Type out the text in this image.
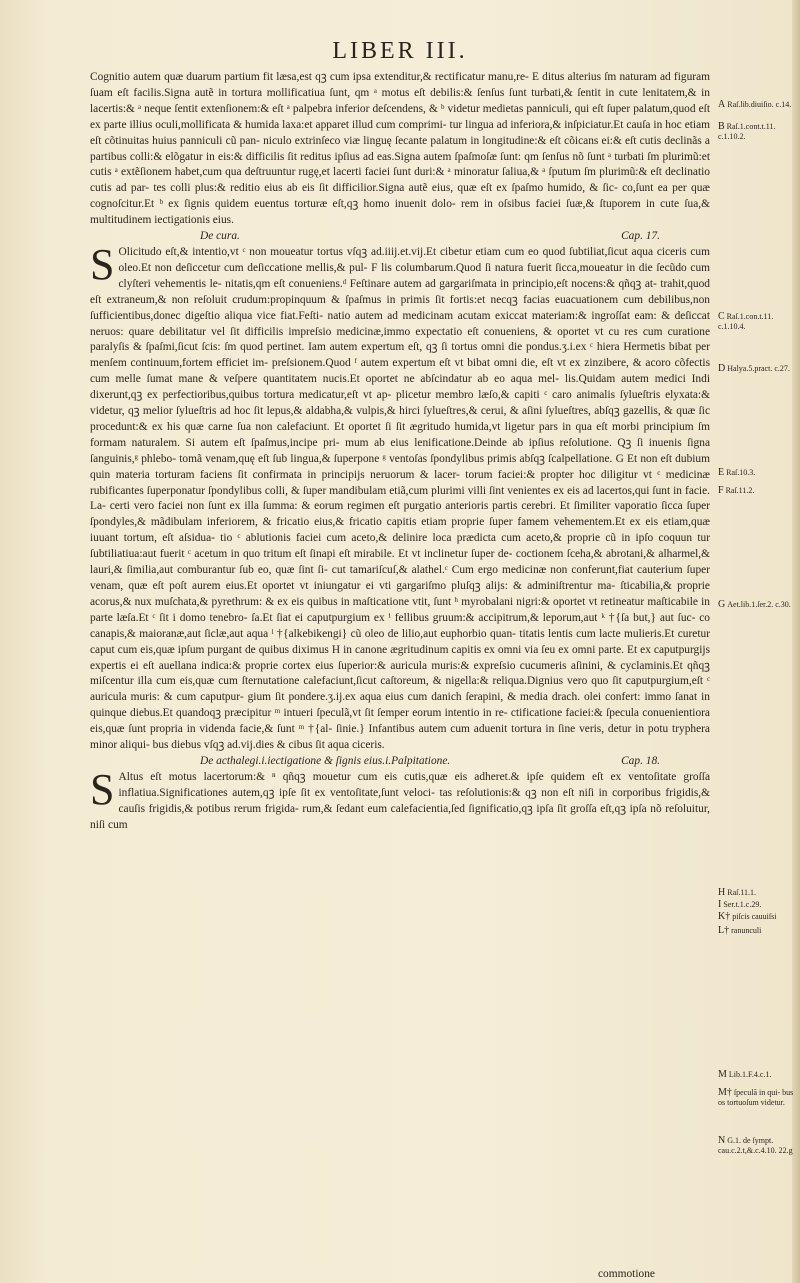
LIBER III.

Cognitio autem quæ duarum partium fit læsa,est qꝫ cum ipsa extenditur,& rectificatur manu,re- E ditus alterius ſm naturam ad figuram ſuam eſt facilis.Signa autẽ in tortura mollificatiua ſunt, qm ᵃ motus eſt debilis:& ſenſus ſunt turbati,& ſentit in cute lenitatem,& in lacertis:& ᵃ neque ſentit extenſionem:& eſt ᵃ palpebra inferior deſcendens, & ᵇ videtur medietas panniculi, qui eſt ſuper palatum,quod eſt ex parte illius oculi,mollificata & humida laxa:et apparet illud cum comprimi- tur lingua ad inferiora,& inſpiciatur.Et cauſa in hoc etiam eſt cõtinuitas huius panniculi cũ pan- niculo extrinſeco viæ linguę ſecante palatum in longitudine:& eſt cõicans ei:& eſt cutis declinãs a partibus colli:& elõgatur in eis:& difficilis ſit reditus ipſius ad eas.Signa autem ſpaſmoſæ ſunt: qm ſenſus nõ ſunt ᵃ turbati ſm plurimũ:et cutis ᵃ extẽſionem habet,cum qua deſtruuntur rugę,et lacerti faciei ſunt duri:& ᵃ minoratur ſaliua,& ᵃ ſputum ſm plurimũ:& eſt declinatio cutis ad par- tes colli plus:& reditio eius ab eis ſit difficilior.Signa autẽ eius, quæ eſt ex ſpaſmo humido, & ſic- co,ſunt ea per quæ cognoſcitur.Et ᵇ ex ſignis quidem euentus torturæ eſt,qꝫ homo inuenit dolo- rem in oſsibus faciei ſuæ,& ſtuporem in cute ſua,& multitudinem iectigationis eius.

De cura.	Cap. 17.

S Olicitudo eſt,& intentio,vt ᶜ non moueatur tortus vſqꝫ ad.iiij.et.vij.Et cibetur etiam cum eo quod ſubtiliat,ſicut aqua ciceris cum oleo.Et non deſiccetur cum deſiccatione mellis,& pul- F lis columbarum.Quod ſi natura fuerit ſicca,moueatur in die ſecũdo cum clyſteri vehementis le- nitatis,qm eſt conueniens.ᵈ Feſtinare autem ad gargariſmata in principio,eſt nocens:& qñqꝫ at- trahit,quod eſt extraneum,& non reſoluit crudum:propinquum & ſpaſmus in primis ſit fortis:et necqꝫ facias euacuationem cum debilibus,non ſufficientibus,donec digeſtio aliqua vice fiat.Feſti- natio autem ad medicinam acutam exiccat materiam:& ingroſſat eam: & deſiccat neruos: quare debilitatur vel ſit difficilis impreſsio medicinæ,immo expectatio eſt conueniens, & oportet vt cu res cum curatione paralyſis & ſpaſmi,ſicut ſcis: ſm quod pertinet. Iam autem expertum eſt, qꝫ ſi tortus omni die pondus.ʒ.i.ex ᶜ hiera Hermetis bibat per menſem continuum,fortem efficiet im- preſsionem.Quod ᶠ autem expertum eſt vt bibat omni die, eſt vt ex zinzibere, & acoro cõfectis cum melle ſumat mane & veſpere quantitatem nucis.Et oportet ne abſcindatur ab eo aqua mel- lis.Quidam autem medici Indi dixerunt,qꝫ ex perfectioribus,quibus tortura medicatur,eſt vt ap- plicetur membro læſo,& capiti ᶜ caro animalis ſylueſtris elyxata:& videtur, qꝫ melior ſylueſtris ad hoc ſit lepus,& aldabha,& vulpis,& hirci ſylueſtres,& cerui, & aſini ſylueſtres, abſqꝫ gazellis, & quæ ſic procedunt:& ex his quæ carne ſua non calefaciunt. Et oportet ſi ſit ægritudo humida,vt ligetur pars in qua eſt morbi principium ſm formam naturalem. Si autem eſt ſpaſmus,incipe pri- mum ab eius lenificatione.Deinde ab ipſius reſolutione. Qꝫ ſi inuenis ſigna ſanguinis,ᵍ phlebo- tomã venam,quę eſt ſub lingua,& ſuperpone ᵍ ventoſas ſpondylibus primis abſqꝫ ſcalpellatione. G Et non eſt dubium quin materia torturam faciens ſit confirmata in principijs neruorum & lacer- torum faciei:& propter hoc diligitur vt ᶜ medicinæ rubificantes ſuperponatur ſpondylibus colli, & ſuper mandibulam etiã,cum plurimi villi ſint venientes ex eis ad lacertos,qui ſunt in facie. La- certi vero faciei non ſunt ex illa ſumma: & eorum regimen eſt purgatio anterioris partis cerebri. Et ſimiliter vaporatio ſicca ſuper ſpondyles,& mãdibulam inferiorem, & fricatio eius,& fricatio capitis etiam proprie ſuper famem vehementem.Et ex eis etiam,quæ iuuant tortum, eſt aſsidua- tio ᶜ ablutionis faciei cum aceto,& delinire loca prædicta cum aceto,& proprie cũ in ipſo coquun tur ſubtiliatiua:aut fuerit ᶜ acetum in quo tritum eſt ſinapi eſt mirabile. Et vt inclinetur ſuper de- coctionem ſceha,& abrotani,& alharmel,& lauri,& ſimilia,aut comburantur ſub eo, quæ ſint ſi- cut tamariſcuſ,& alathel.ᶜ Cum ergo medicinæ non conferunt,fiat cauterium ſuper venam, quæ eſt poſt aurem eius.Et oportet vt iniungatur ei vti gargariſmo pluſqꝫ alijs: & adminiſtrentur ma- ſticabilia,& proprie acorus,& nux muſchata,& pyrethrum: & ex eis quibus in maſticatione vtit, ſunt ʰ myrobalani nigri:& oportet vt retineatur maſticabile in parte læſa.Et ᶜ ſit i domo tenebro- ſa.Et ſiat ei caputpurgium ex ⁱ fellibus gruum:& accipitrum,& leporum,aut ᵏ †{ſa but,} aut ſuc- co canapis,& maioranæ,aut ſiclæ,aut aqua ˡ †{alkebikengi} cũ oleo de lilio,aut euphorbio quan- titatis lentis cum lacte mulieris.Et curetur caput cum eis,quæ ipſum purgant de quibus diximus H in canone ægritudinum capitis ex omni via ſeu ex omni parte. Et ex caputpurgijs expertis ei eſt auellana indica:& proprie cortex eius ſuperior:& auricula muris:& expreſsio cucumeris aſinini, & cyclaminis.Et qñqꝫ miſcentur illa cum eis,quæ cum ſternutatione calefaciunt,ſicut caſtoreum, & nigella:& reliqua.Dignius vero quo ſit caputpurgium,eſt ᶜ auricula muris: & cum caputpur- gium ſit pondere.ʒ.ij.ex aqua eius cum danich ſerapini, & media drach. olei confert: immo ſanat in quinque diebus.Et quandoqꝫ præcipitur ᵐ intueri ſpeculã,vt ſit ſemper eorum intentio in re- ctificatione faciei:& ſpecula conuenientiora eis,quæ ſunt propria in videnda facie,& ſunt ᵐ †{al- ſinie.} Infantibus autem cum aduenit tortura in ſine veris, detur in potu tryphera minor aliqui- bus diebus vſqꝫ ad.vij.dies & cibus ſit aqua ciceris.

De acthalegi.i.iectigatione & ſignis eius.i.Palpitatione.	Cap. 18.

S Altus eſt motus lacertorum:& ⁿ qñqꝫ mouetur cum eis cutis,quæ eis adheret.& ipſe quidem eſt ex ventoſitate groſſa inflatiua.Significationes autem,qꝫ ipſe ſit ex ventoſitate,ſunt veloci- tas reſolutionis:& qꝫ non eſt niſi in corporibus frigidis,& cauſis frigidis,& potibus rerum frigida- rum,& ſedant eum calefacientia,ſed ſignificatio,qꝫ ipſa ſit groſſa eſt,qꝫ ipſa nõ reſoluitur, niſi cum

commotione
A Raſ.lib.diuiſio. c.14.
B Raſ.1.cont.t.11. c.1.10.2.
C Raſ.1.con.t.11. c.1.10.4.
D Halya.5.pract. c.27.
E Raſ.10.3.
F Raſ.11.2.
G Aet.lib.1.ſer.2. c.30.
H Raſ.11.1.
I Ser.t.1.c.29.
K† piſcis cauuiſsi
L† ranunculi
M Lib.1.F.4.c.1.
M† ſpeculã in qui- bus os tortuoſum videtur.
N G.1. de ſympt. cau.c.2.t,&.c.4.10. 22.g
